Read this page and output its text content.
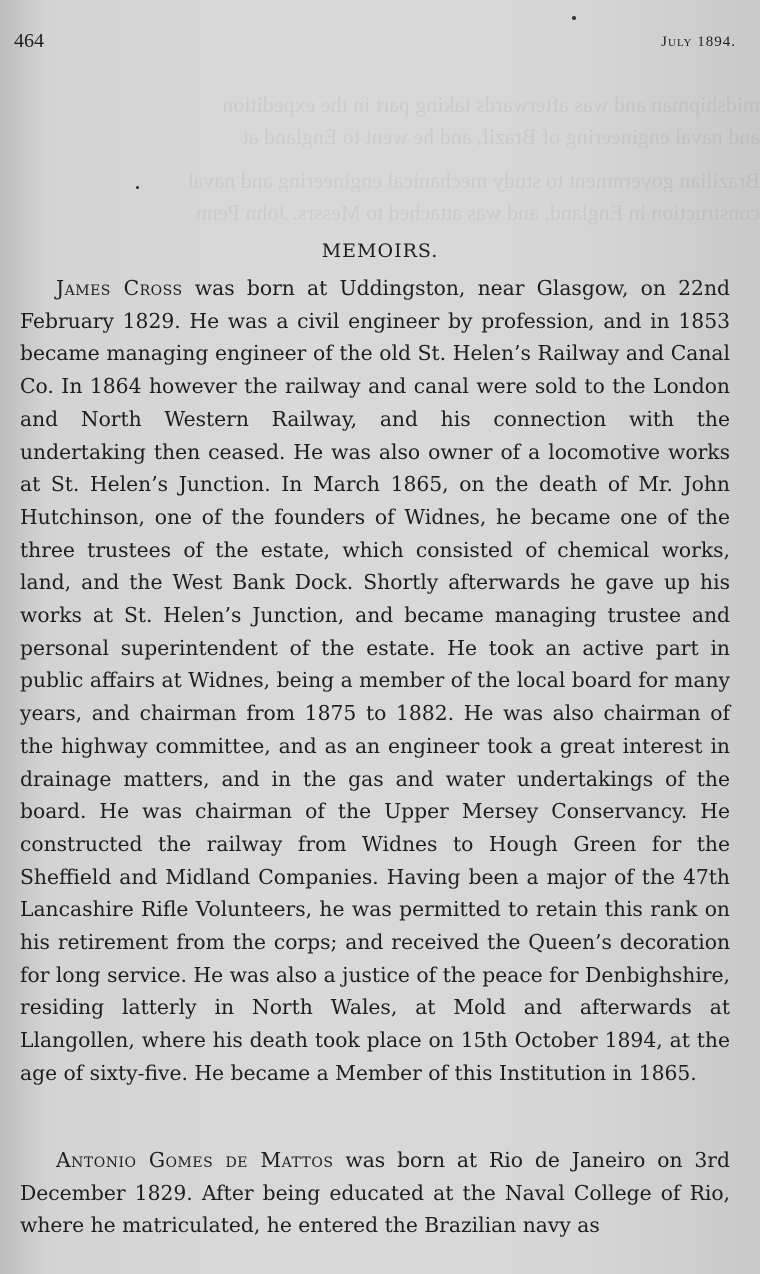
midshipman and was afterwards taking part in the expedition
and naval engineering of Brazil, and he went to England at
Brazilian government to study mechanical engineering and naval
construction in England, and was attached to Messrs. John Penn
464	July 1894.
MEMOIRS.

James Cross was born at Uddingston, near Glasgow, on 22nd February 1829. He was a civil engineer by profession, and in 1853 became managing engineer of the old St. Helen’s Railway and Canal Co. In 1864 however the railway and canal were sold to the London and North Western Railway, and his connection with the undertaking then ceased. He was also owner of a locomotive works at St. Helen’s Junction. In March 1865, on the death of Mr. John Hutchinson, one of the founders of Widnes, he became one of the three trustees of the estate, which consisted of chemical works, land, and the West Bank Dock. Shortly afterwards he gave up his works at St. Helen’s Junction, and became managing trustee and personal superintendent of the estate. He took an active part in public affairs at Widnes, being a member of the local board for many years, and chairman from 1875 to 1882. He was also chairman of the highway committee, and as an engineer took a great interest in drainage matters, and in the gas and water undertakings of the board. He was chairman of the Upper Mersey Conservancy. He constructed the railway from Widnes to Hough Green for the Sheffield and Midland Companies. Having been a major of the 47th Lancashire Rifle Volunteers, he was permitted to retain this rank on his retirement from the corps; and received the Queen’s decoration for long service. He was also a justice of the peace for Denbighshire, residing latterly in North Wales, at Mold and afterwards at Llangollen, where his death took place on 15th October 1894, at the age of sixty-five. He became a Member of this Institution in 1865.

Antonio Gomes de Mattos was born at Rio de Janeiro on 3rd December 1829. After being educated at the Naval College of Rio, where he matriculated, he entered the Brazilian navy as
